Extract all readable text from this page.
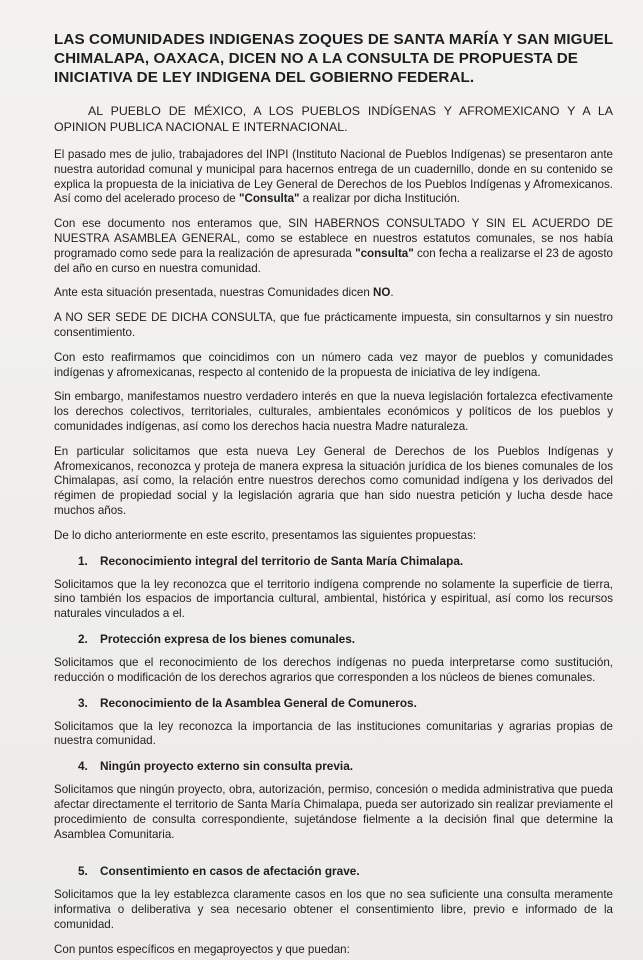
LAS COMUNIDADES INDIGENAS ZOQUES DE SANTA MARÍA Y SAN MIGUEL CHIMALAPA, OAXACA, DICEN NO A LA CONSULTA DE PROPUESTA DE INICIATIVA DE LEY INDIGENA DEL GOBIERNO FEDERAL.
AL PUEBLO DE MÉXICO, A LOS PUEBLOS INDÍGENAS Y AFROMEXICANO Y A LA OPINION PUBLICA NACIONAL E INTERNACIONAL.

El pasado mes de julio, trabajadores del INPI (Instituto Nacional de Pueblos Indígenas) se presentaron ante nuestra autoridad comunal y municipal para hacernos entrega de un cuadernillo, donde en su contenido se explica la propuesta de la iniciativa de Ley General de Derechos de los Pueblos Indígenas y Afromexicanos. Así como del acelerado proceso de "Consulta" a realizar por dicha Institución.

Con ese documento nos enteramos que, SIN HABERNOS CONSULTADO Y SIN EL ACUERDO DE NUESTRA ASAMBLEA GENERAL, como se establece en nuestros estatutos comunales, se nos había programado como sede para la realización de apresurada "consulta" con fecha a realizarse el 23 de agosto del año en curso en nuestra comunidad.

Ante esta situación presentada, nuestras Comunidades dicen NO.

A NO SER SEDE DE DICHA CONSULTA, que fue prácticamente impuesta, sin consultarnos y sin nuestro consentimiento.

Con esto reafirmamos que coincidimos con un número cada vez mayor de pueblos y comunidades indígenas y afromexicanas, respecto al contenido de la propuesta de iniciativa de ley indígena.

Sin embargo, manifestamos nuestro verdadero interés en que la nueva legislación fortalezca efectivamente los derechos colectivos, territoriales, culturales, ambientales económicos y políticos de los pueblos y comunidades indígenas, así como los derechos hacia nuestra Madre naturaleza.

En particular solicitamos que esta nueva Ley General de Derechos de los Pueblos Indígenas y Afromexicanos, reconozca y proteja de manera expresa la situación jurídica de los bienes comunales de los Chimalapas, así como, la relación entre nuestros derechos como comunidad indígena y los derivados del régimen de propiedad social y la legislación agraria que han sido nuestra petición y lucha desde hace muchos años.

De lo dicho anteriormente en este escrito, presentamos las siguientes propuestas:

1. Reconocimiento integral del territorio de Santa María Chimalapa.

Solicitamos que la ley reconozca que el territorio indígena comprende no solamente la superficie de tierra, sino también los espacios de importancia cultural, ambiental, histórica y espiritual, así como los recursos naturales vinculados a el.

2. Protección expresa de los bienes comunales.

Solicitamos que el reconocimiento de los derechos indígenas no pueda interpretarse como sustitución, reducción o modificación de los derechos agrarios que corresponden a los núcleos de bienes comunales.

3. Reconocimiento de la Asamblea General de Comuneros.

Solicitamos que la ley reconozca la importancia de las instituciones comunitarias y agrarias propias de nuestra comunidad.

4. Ningún proyecto externo sin consulta previa.

Solicitamos que ningún proyecto, obra, autorización, permiso, concesión o medida administrativa que pueda afectar directamente el territorio de Santa María Chimalapa, pueda ser autorizado sin realizar previamente el procedimiento de consulta correspondiente, sujetándose fielmente a la decisión final que determine la Asamblea Comunitaria.

5. Consentimiento en casos de afectación grave.

Solicitamos que la ley establezca claramente casos en los que no sea suficiente una consulta meramente informativa o deliberativa y sea necesario obtener el consentimiento libre, previo e informado de la comunidad.

Con puntos específicos en megaproyectos y que puedan:
